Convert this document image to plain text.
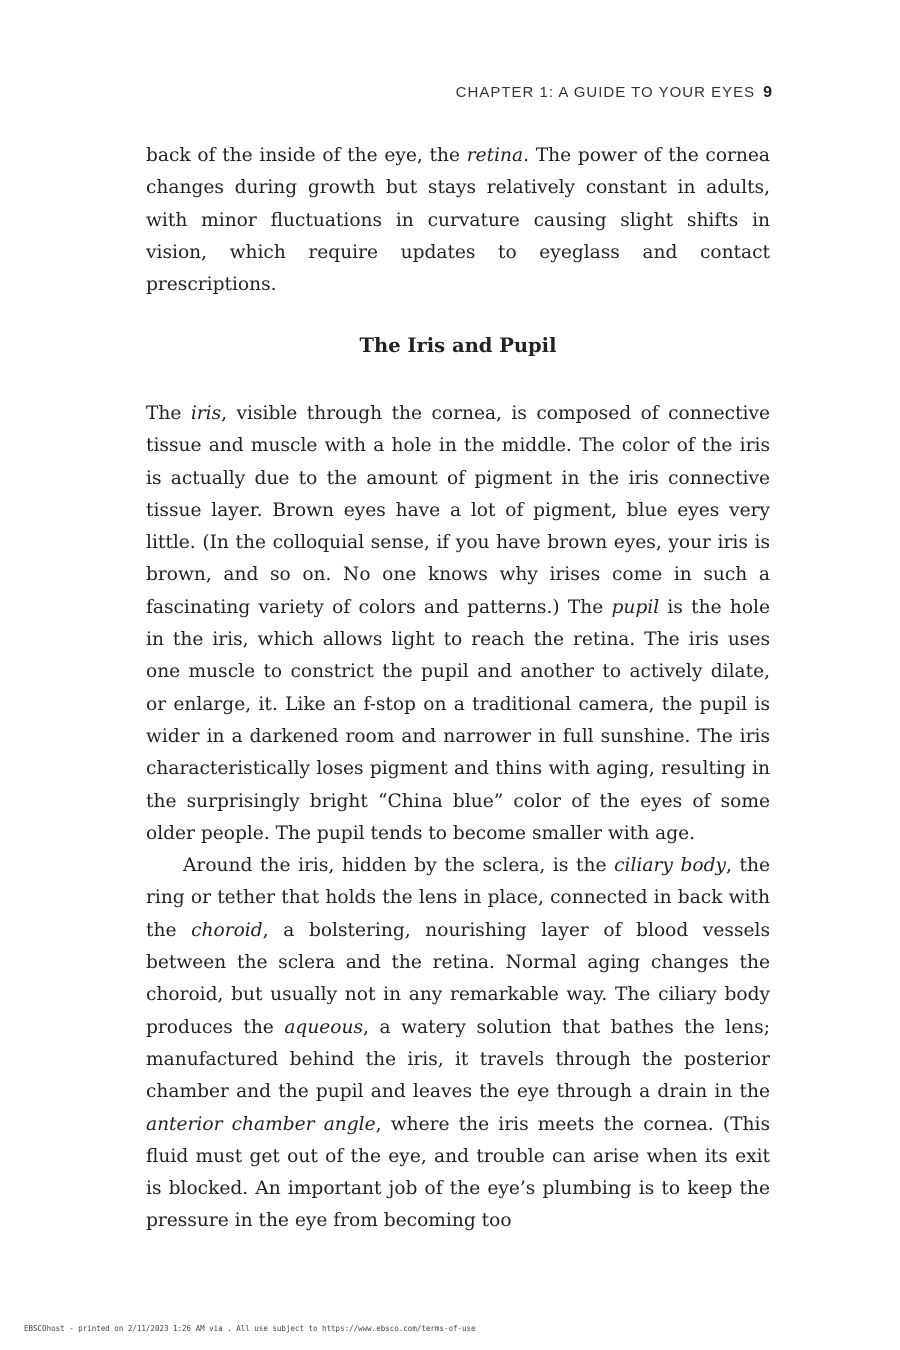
CHAPTER 1: A GUIDE TO YOUR EYES 9

back of the inside of the eye, the retina. The power of the cornea changes during growth but stays relatively constant in adults, with minor fluctuations in curvature causing slight shifts in vision, which require updates to eyeglass and contact prescriptions.

The Iris and Pupil

The iris, visible through the cornea, is composed of connective tissue and muscle with a hole in the middle. The color of the iris is actually due to the amount of pigment in the iris connective tissue layer. Brown eyes have a lot of pigment, blue eyes very little. (In the colloquial sense, if you have brown eyes, your iris is brown, and so on. No one knows why irises come in such a fascinating variety of colors and patterns.) The pupil is the hole in the iris, which allows light to reach the retina. The iris uses one muscle to constrict the pupil and another to actively dilate, or enlarge, it. Like an f-stop on a traditional camera, the pupil is wider in a darkened room and narrower in full sunshine. The iris characteristically loses pigment and thins with aging, resulting in the surprisingly bright “China blue” color of the eyes of some older people. The pupil tends to become smaller with age.

Around the iris, hidden by the sclera, is the ciliary body, the ring or tether that holds the lens in place, connected in back with the choroid, a bolstering, nourishing layer of blood vessels between the sclera and the retina. Normal aging changes the choroid, but usually not in any remarkable way. The ciliary body produces the aqueous, a watery solution that bathes the lens; manufactured behind the iris, it travels through the posterior chamber and the pupil and leaves the eye through a drain in the anterior chamber angle, where the iris meets the cornea. (This fluid must get out of the eye, and trouble can arise when its exit is blocked. An important job of the eye’s plumbing is to keep the pressure in the eye from becoming too

EBSCOhost - printed on 2/11/2023 1:26 AM via . All use subject to https://www.ebsco.com/terms-of-use
